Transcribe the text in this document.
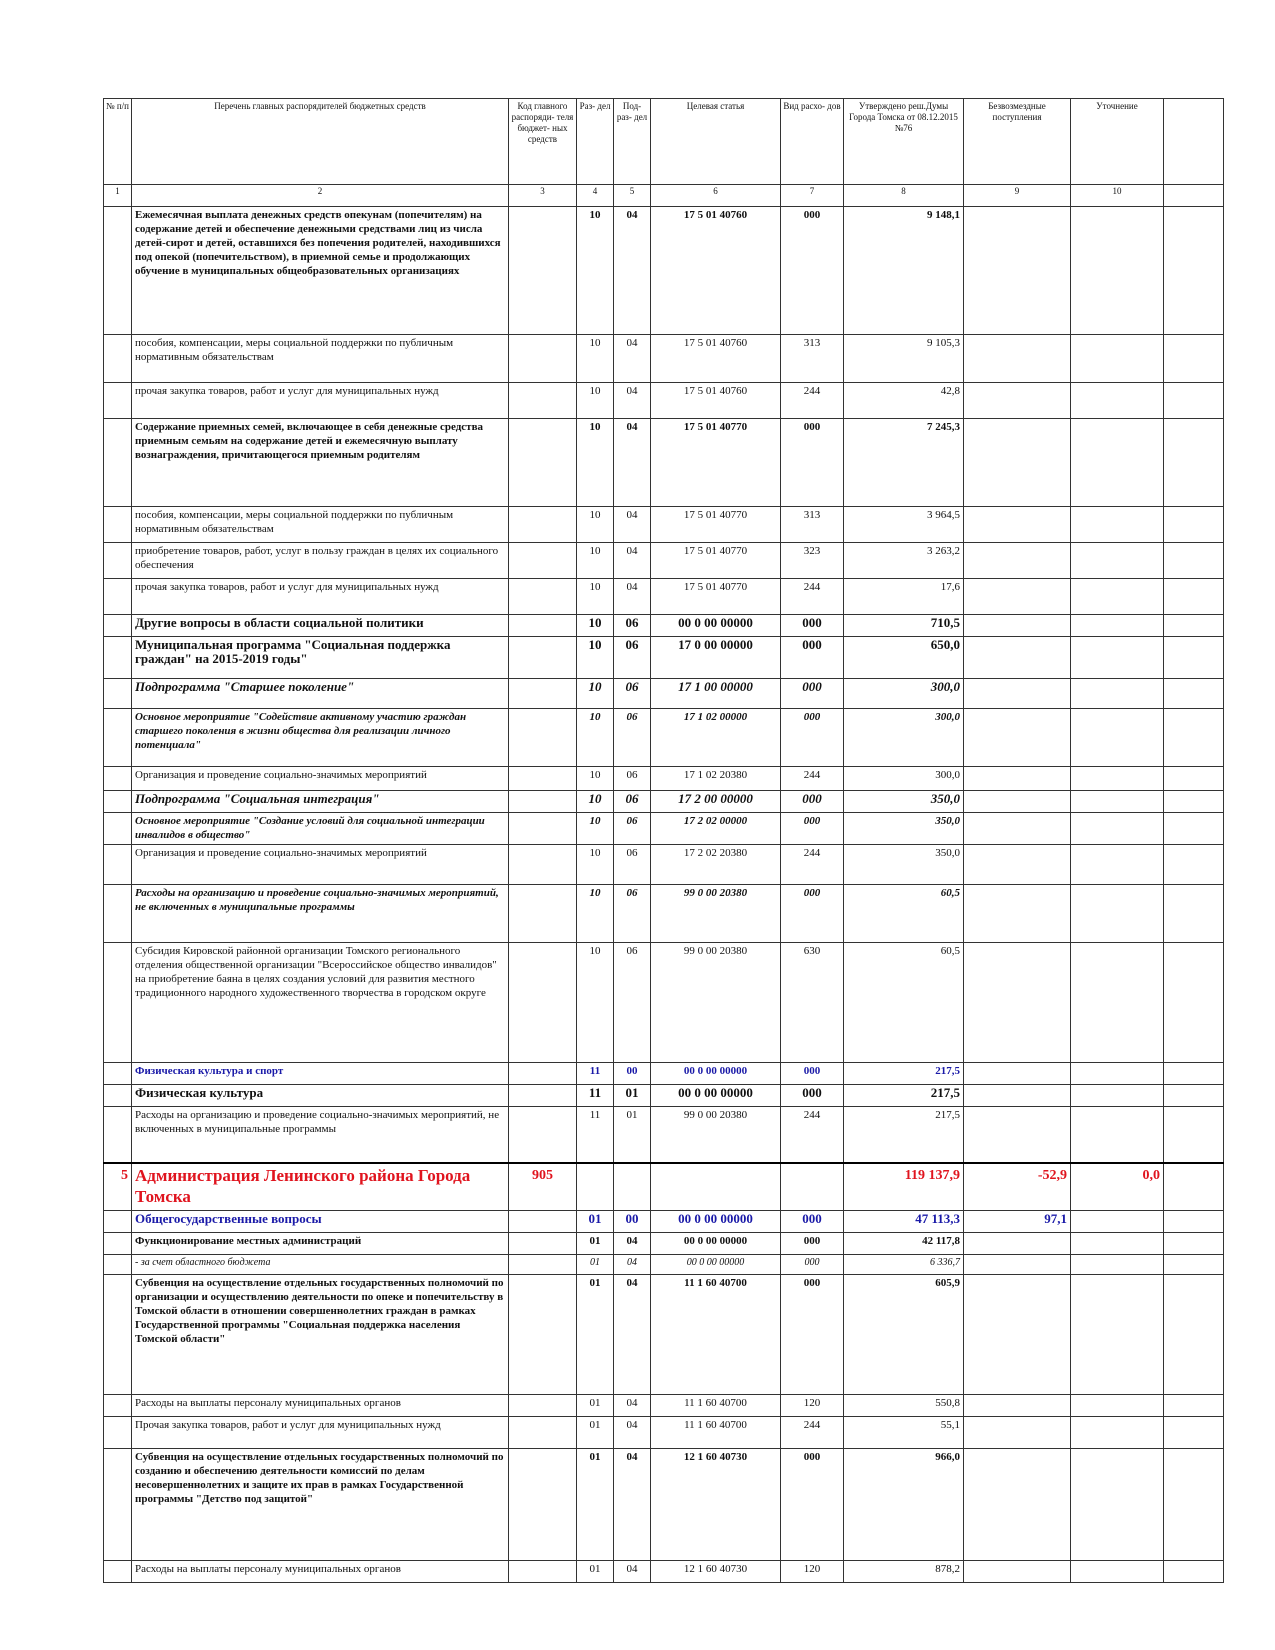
№ п/п	Перечень главных распорядителей бюджетных средств	Код главного распоряди- теля бюджет- ных средств	Раз- дел	Под- раз- дел	Целевая статья	Вид расхо- дов	Утверждено реш.Думы Города Томска от 08.12.2015 №76	Безвозмездные поступления	Уточнение	
1	2	3	4	5	6	7	8	9	10	
	Ежемесячная выплата денежных средств опекунам (попечителям) на содержание детей и обеспечение денежными средствами лиц из числа детей-сирот и детей, оставшихся без попечения родителей, находившихся под опекой (попечительством), в приемной семье и продолжающих обучение в муниципальных общеобразовательных организациях		10	04	17 5 01 40760	000	9 148,1			
	пособия, компенсации, меры социальной поддержки по публичным нормативным обязательствам		10	04	17 5 01 40760	313	9 105,3			
	прочая закупка товаров, работ и услуг для муниципальных нужд		10	04	17 5 01 40760	244	42,8			
	Содержание приемных семей, включающее в себя денежные средства приемным семьям на содержание детей и ежемесячную выплату вознаграждения, причитающегося приемным родителям		10	04	17 5 01 40770	000	7 245,3			
	пособия, компенсации, меры социальной поддержки по публичным нормативным обязательствам		10	04	17 5 01 40770	313	3 964,5			
	приобретение товаров, работ, услуг в пользу граждан в целях их социального обеспечения		10	04	17 5 01 40770	323	3 263,2			
	прочая закупка товаров, работ и услуг для муниципальных нужд		10	04	17 5 01 40770	244	17,6			
	Другие вопросы в области социальной политики		10	06	00 0 00 00000	000	710,5			
	Муниципальная программа "Социальная поддержка граждан" на 2015-2019 годы"		10	06	17 0 00 00000	000	650,0			
	Подпрограмма "Старшее поколение"		10	06	17 1 00 00000	000	300,0			
	Основное мероприятие "Содействие активному участию граждан старшего поколения в жизни общества для реализации личного потенциала"		10	06	17 1 02 00000	000	300,0			
	Организация и проведение социально-значимых мероприятий		10	06	17 1 02 20380	244	300,0			
	Подпрограмма "Социальная интеграция"		10	06	17 2 00 00000	000	350,0			
	Основное мероприятие "Создание условий для социальной интеграции инвалидов в общество"		10	06	17 2 02 00000	000	350,0			
	Организация и проведение социально-значимых мероприятий		10	06	17 2 02 20380	244	350,0			
	Расходы на организацию и проведение социально-значимых мероприятий, не включенных в муниципальные программы		10	06	99 0 00 20380	000	60,5			
	Субсидия Кировской районной организации Томского регионального отделения общественной организации "Всероссийское общество инвалидов" на приобретение баяна в целях создания условий для развития местного традиционного народного художественного творчества в городском округе		10	06	99 0 00 20380	630	60,5			
	Физическая культура и спорт		11	00	00 0 00 00000	000	217,5			
	Физическая культура		11	01	00 0 00 00000	000	217,5			
	Расходы на организацию и проведение социально-значимых мероприятий, не включенных в муниципальные программы		11	01	99 0 00 20380	244	217,5			
5	Администрация Ленинского района Города Томска	905					119 137,9	-52,9	0,0	
	Общегосударственные вопросы		01	00	00 0 00 00000	000	47 113,3	97,1		
	Функционирование местных администраций		01	04	00 0 00 00000	000	42 117,8			
	- за счет областного бюджета		01	04	00 0 00 00000	000	6 336,7			
	Субвенция на осуществление отдельных государственных полномочий по организации и осуществлению деятельности по опеке и попечительству в Томской области в отношении совершеннолетних граждан в рамках Государственной программы "Социальная поддержка населения Томской области"		01	04	11 1 60 40700	000	605,9			
	Расходы на выплаты персоналу муниципальных органов		01	04	11 1 60 40700	120	550,8			
	Прочая закупка товаров, работ и услуг для муниципальных нужд		01	04	11 1 60 40700	244	55,1			
	Субвенция на осуществление отдельных государственных полномочий по созданию и обеспечению деятельности комиссий по делам несовершеннолетних и защите их прав в рамках Государственной программы "Детство под защитой"		01	04	12 1 60 40730	000	966,0			
	Расходы на выплаты персоналу муниципальных органов		01	04	12 1 60 40730	120	878,2			
